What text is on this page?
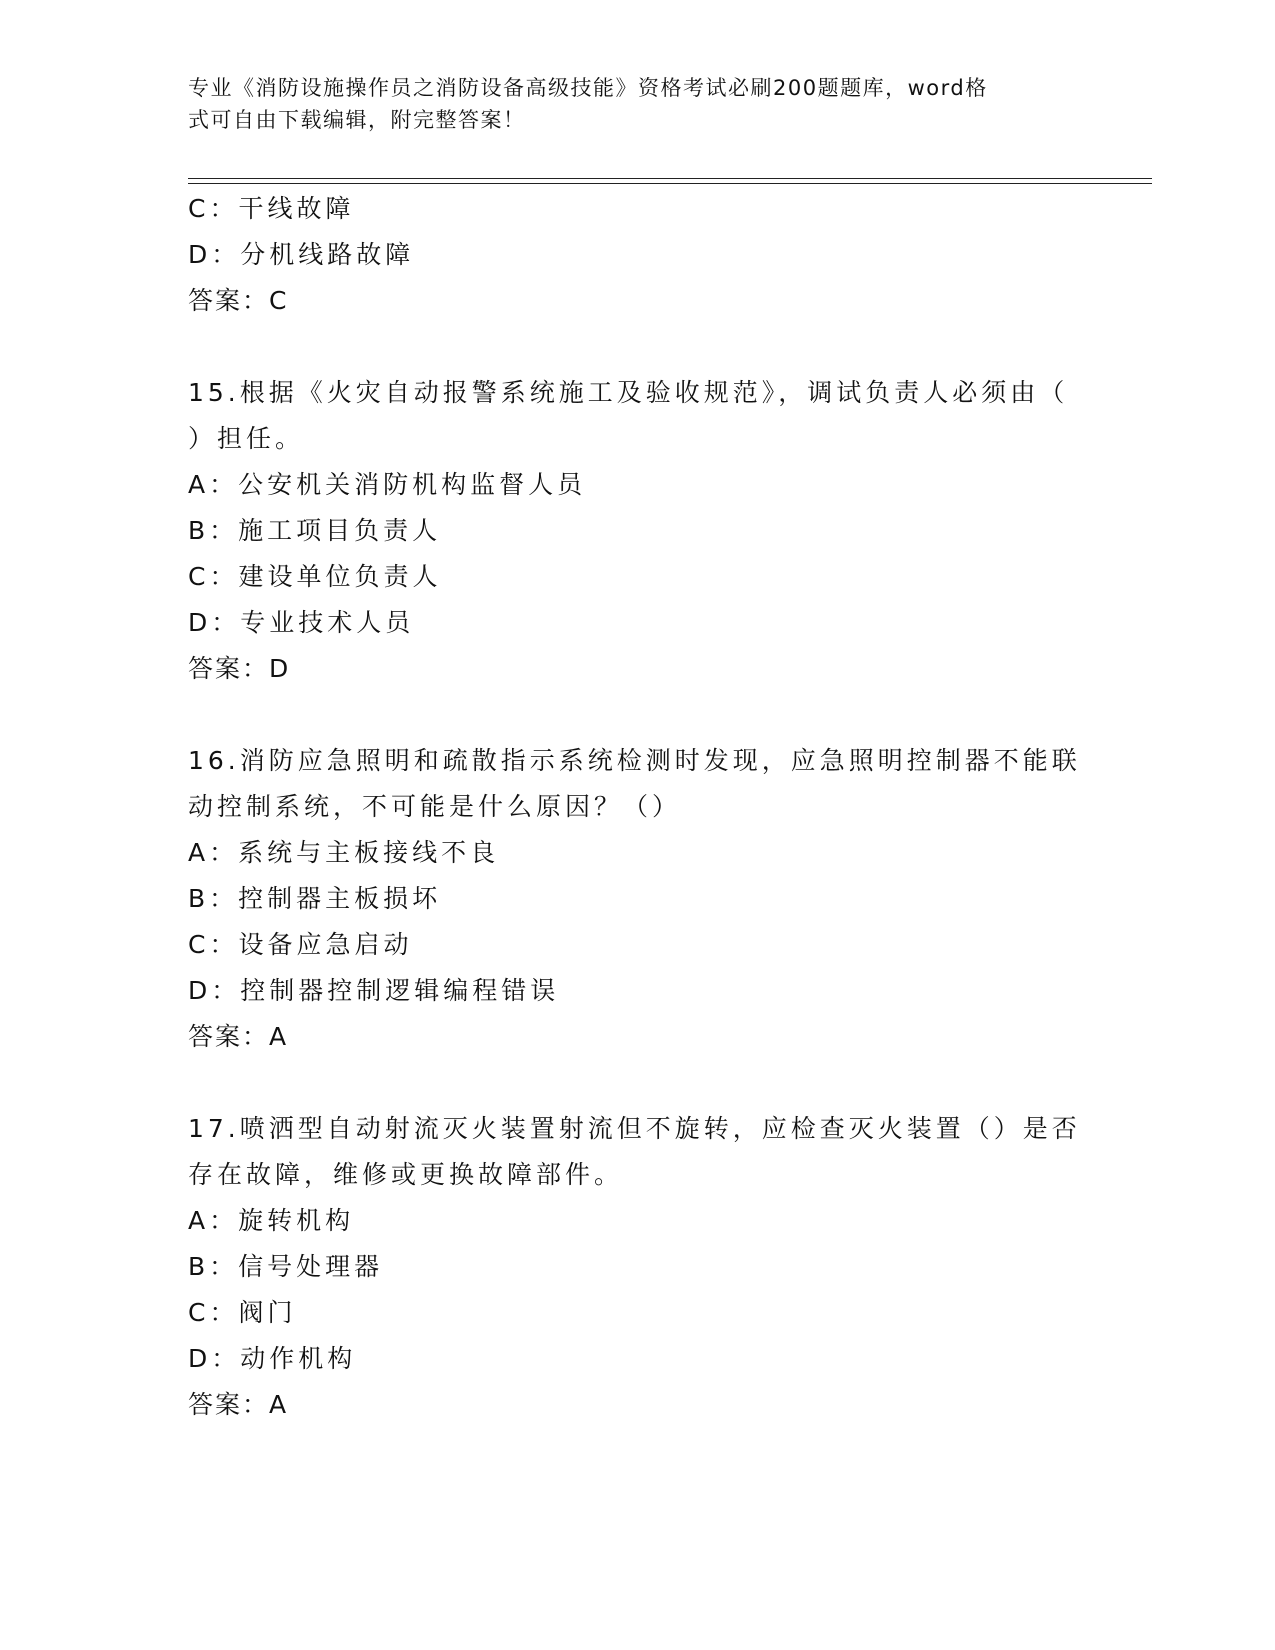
专业《消防设施操作员之消防设备高级技能》资格考试必刷200题题库，word格
式可自由下载编辑，附完整答案！
C：干线故障
D：分机线路故障
答案：C
15.根据《火灾自动报警系统施工及验收规范》，调试负责人必须由（
）担任。
A：公安机关消防机构监督人员
B：施工项目负责人
C：建设单位负责人
D：专业技术人员
答案：D
16.消防应急照明和疏散指示系统检测时发现，应急照明控制器不能联
动控制系统，不可能是什么原因？（）
A：系统与主板接线不良
B：控制器主板损坏
C：设备应急启动
D：控制器控制逻辑编程错误
答案：A
17.喷洒型自动射流灭火装置射流但不旋转，应检查灭火装置（）是否
存在故障，维修或更换故障部件。
A：旋转机构
B：信号处理器
C：阀门
D：动作机构
答案：A
